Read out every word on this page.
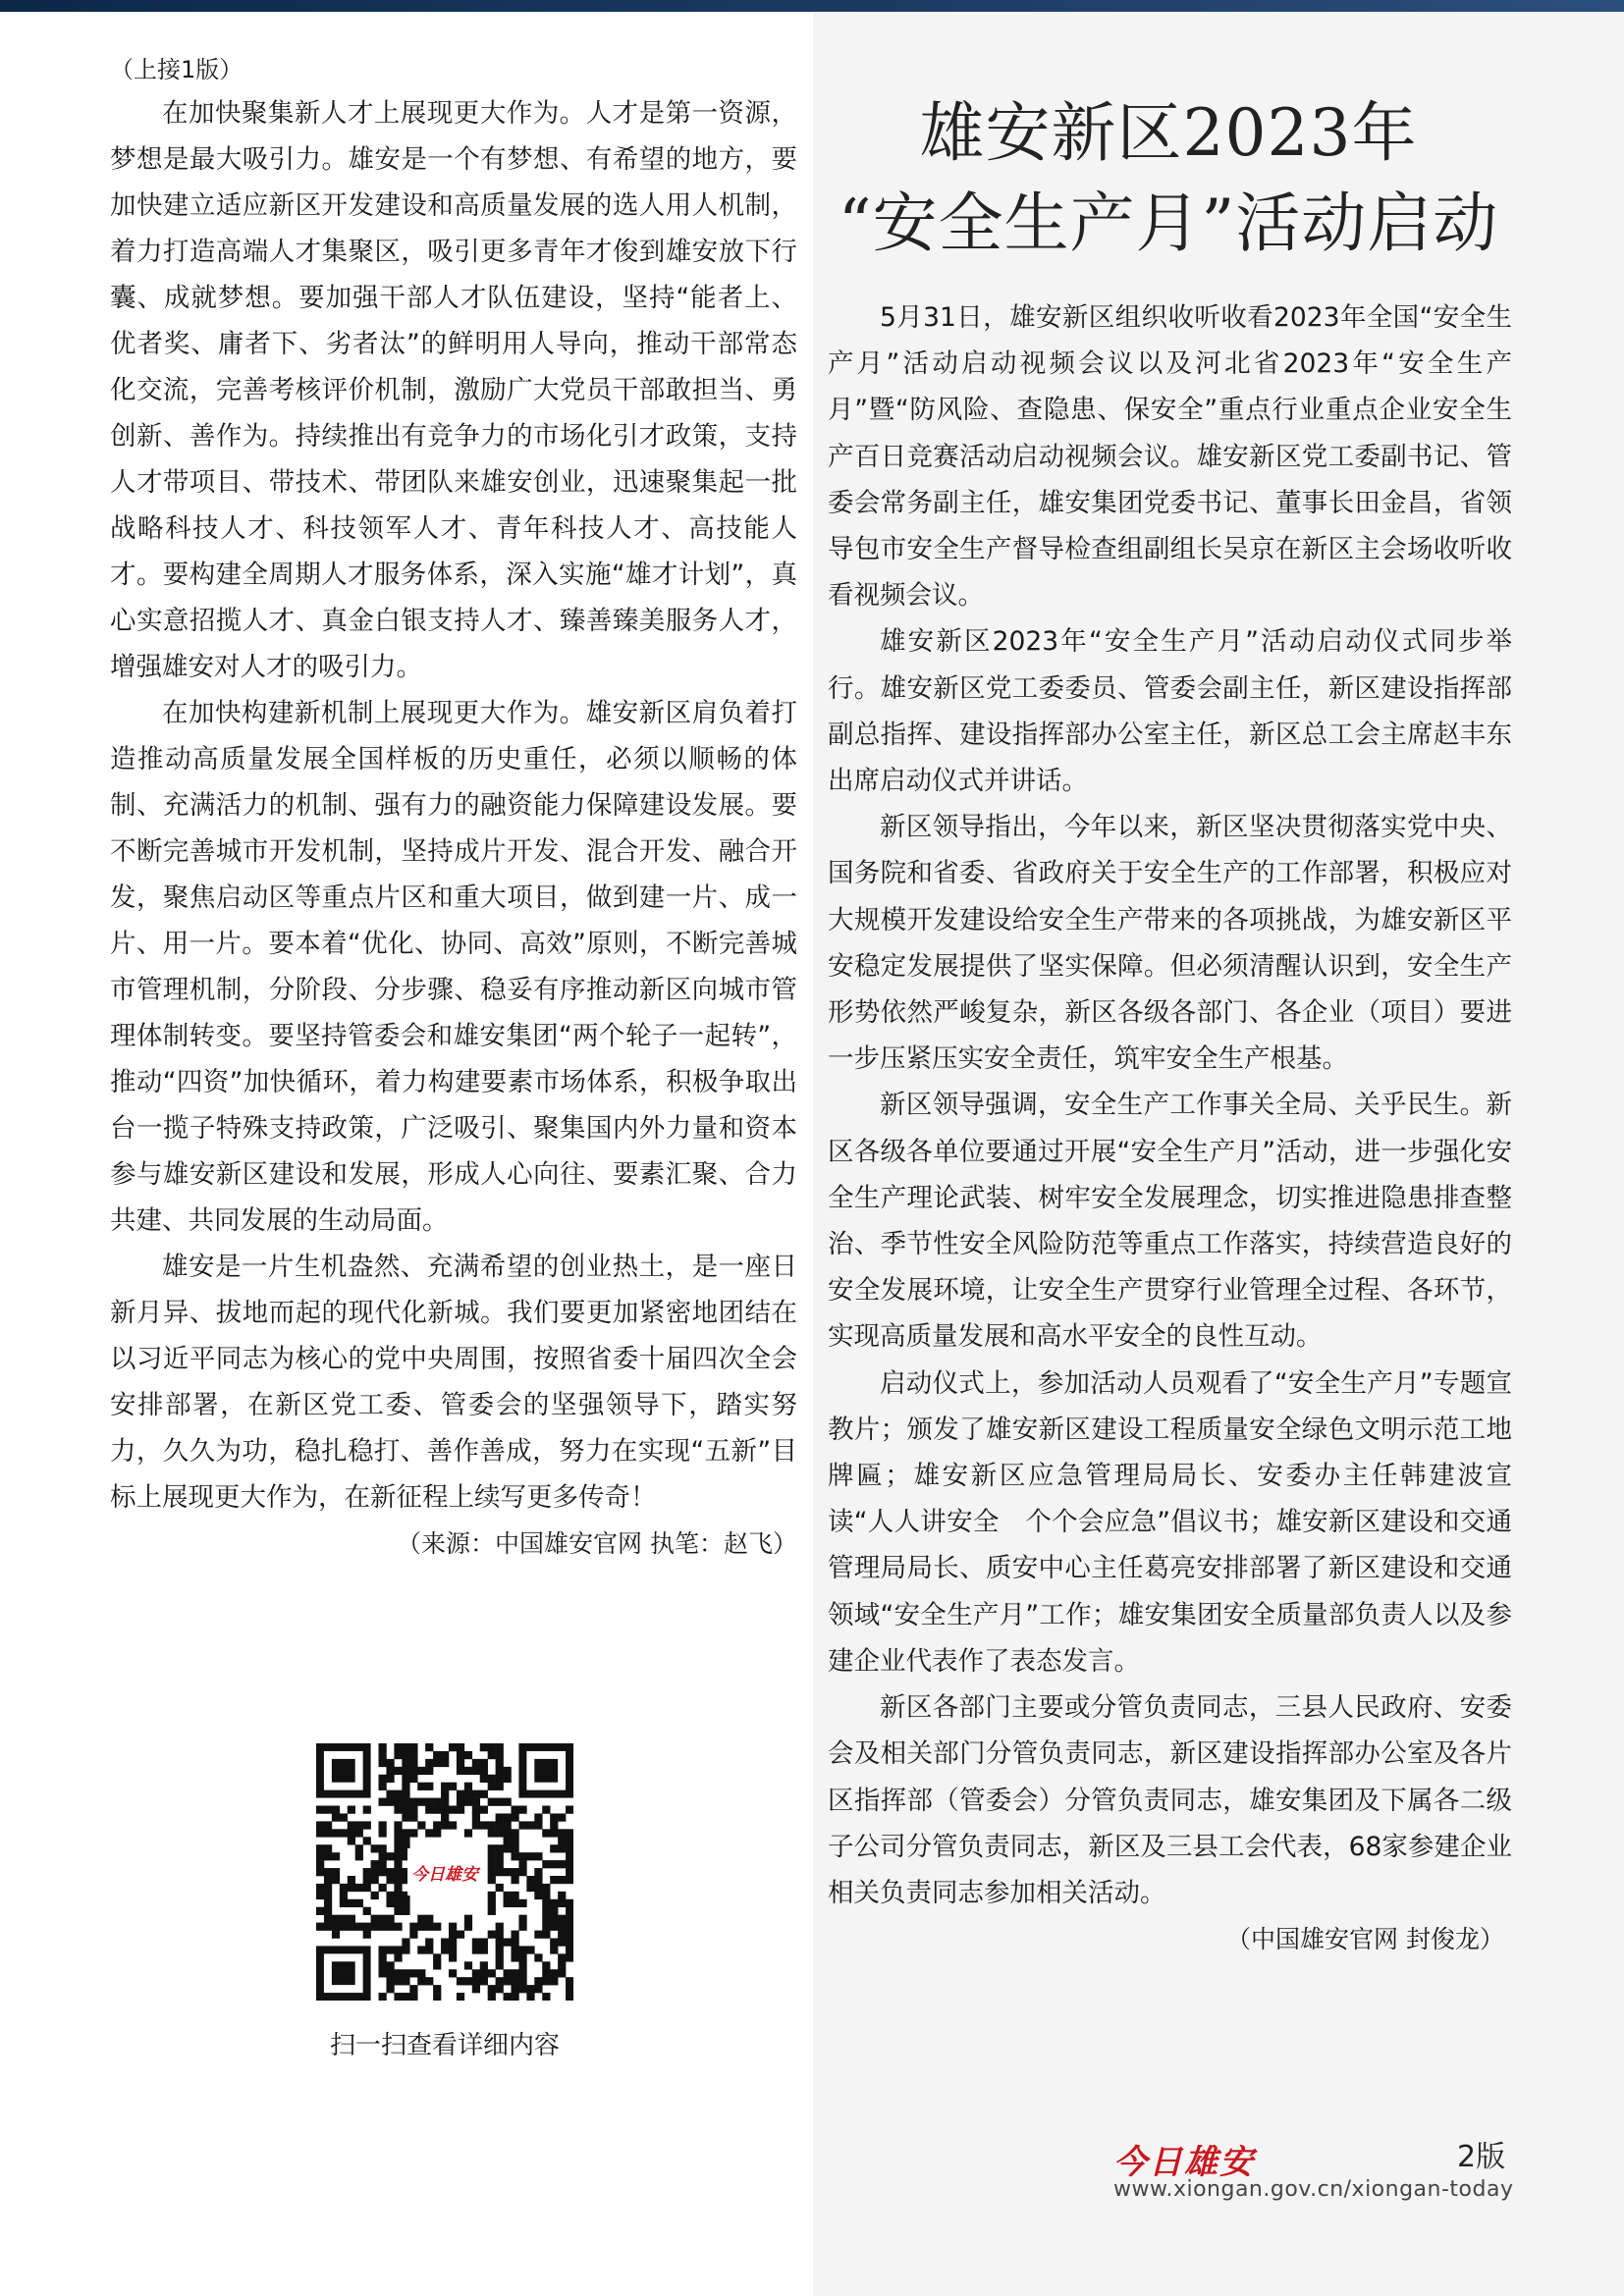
（上接1版）

在加快聚集新人才上展现更大作为。人才是第一资源，梦想是最大吸引力。雄安是一个有梦想、有希望的地方，要加快建立适应新区开发建设和高质量发展的选人用人机制，着力打造高端人才集聚区，吸引更多青年才俊到雄安放下行囊、成就梦想。要加强干部人才队伍建设，坚持“能者上、优者奖、庸者下、劣者汰”的鲜明用人导向，推动干部常态化交流，完善考核评价机制，激励广大党员干部敢担当、勇创新、善作为。持续推出有竞争力的市场化引才政策，支持人才带项目、带技术、带团队来雄安创业，迅速聚集起一批战略科技人才、科技领军人才、青年科技人才、高技能人才。要构建全周期人才服务体系，深入实施“雄才计划”，真心实意招揽人才、真金白银支持人才、臻善臻美服务人才，增强雄安对人才的吸引力。

在加快构建新机制上展现更大作为。雄安新区肩负着打造推动高质量发展全国样板的历史重任，必须以顺畅的体制、充满活力的机制、强有力的融资能力保障建设发展。要不断完善城市开发机制，坚持成片开发、混合开发、融合开发，聚焦启动区等重点片区和重大项目，做到建一片、成一片、用一片。要本着“优化、协同、高效”原则，不断完善城市管理机制，分阶段、分步骤、稳妥有序推动新区向城市管理体制转变。要坚持管委会和雄安集团“两个轮子一起转”，推动“四资”加快循环，着力构建要素市场体系，积极争取出台一揽子特殊支持政策，广泛吸引、聚集国内外力量和资本参与雄安新区建设和发展，形成人心向往、要素汇聚、合力共建、共同发展的生动局面。

雄安是一片生机盎然、充满希望的创业热土，是一座日新月异、拔地而起的现代化新城。我们要更加紧密地团结在以习近平同志为核心的党中央周围，按照省委十届四次全会安排部署，在新区党工委、管委会的坚强领导下，踏实努力，久久为功，稳扎稳打、善作善成，努力在实现“五新”目标上展现更大作为，在新征程上续写更多传奇！

（来源：中国雄安官网 执笔：赵飞）
今日雄安
扫一扫查看详细内容
雄安新区2023年
“安全生产月”活动启动

5月31日，雄安新区组织收听收看2023年全国“安全生产月”活动启动视频会议以及河北省2023年“安全生产月”暨“防风险、查隐患、保安全”重点行业重点企业安全生产百日竞赛活动启动视频会议。雄安新区党工委副书记、管委会常务副主任，雄安集团党委书记、董事长田金昌，省领导包市安全生产督导检查组副组长吴京在新区主会场收听收看视频会议。

雄安新区2023年“安全生产月”活动启动仪式同步举行。雄安新区党工委委员、管委会副主任，新区建设指挥部副总指挥、建设指挥部办公室主任，新区总工会主席赵丰东出席启动仪式并讲话。

新区领导指出，今年以来，新区坚决贯彻落实党中央、国务院和省委、省政府关于安全生产的工作部署，积极应对大规模开发建设给安全生产带来的各项挑战，为雄安新区平安稳定发展提供了坚实保障。但必须清醒认识到，安全生产形势依然严峻复杂，新区各级各部门、各企业（项目）要进一步压紧压实安全责任，筑牢安全生产根基。

新区领导强调，安全生产工作事关全局、关乎民生。新区各级各单位要通过开展“安全生产月”活动，进一步强化安全生产理论武装、树牢安全发展理念，切实推进隐患排查整治、季节性安全风险防范等重点工作落实，持续营造良好的安全发展环境，让安全生产贯穿行业管理全过程、各环节，实现高质量发展和高水平安全的良性互动。

启动仪式上，参加活动人员观看了“安全生产月”专题宣教片；颁发了雄安新区建设工程质量安全绿色文明示范工地牌匾；雄安新区应急管理局局长、安委办主任韩建波宣读“人人讲安全　个个会应急”倡议书；雄安新区建设和交通管理局局长、质安中心主任葛亮安排部署了新区建设和交通领域“安全生产月”工作；雄安集团安全质量部负责人以及参建企业代表作了表态发言。

新区各部门主要或分管负责同志，三县人民政府、安委会及相关部门分管负责同志，新区建设指挥部办公室及各片区指挥部（管委会）分管负责同志，雄安集团及下属各二级子公司分管负责同志，新区及三县工会代表，68家参建企业相关负责同志参加相关活动。

（中国雄安官网 封俊龙）
今日雄安	2版
www.xiongan.gov.cn/xiongan-today
